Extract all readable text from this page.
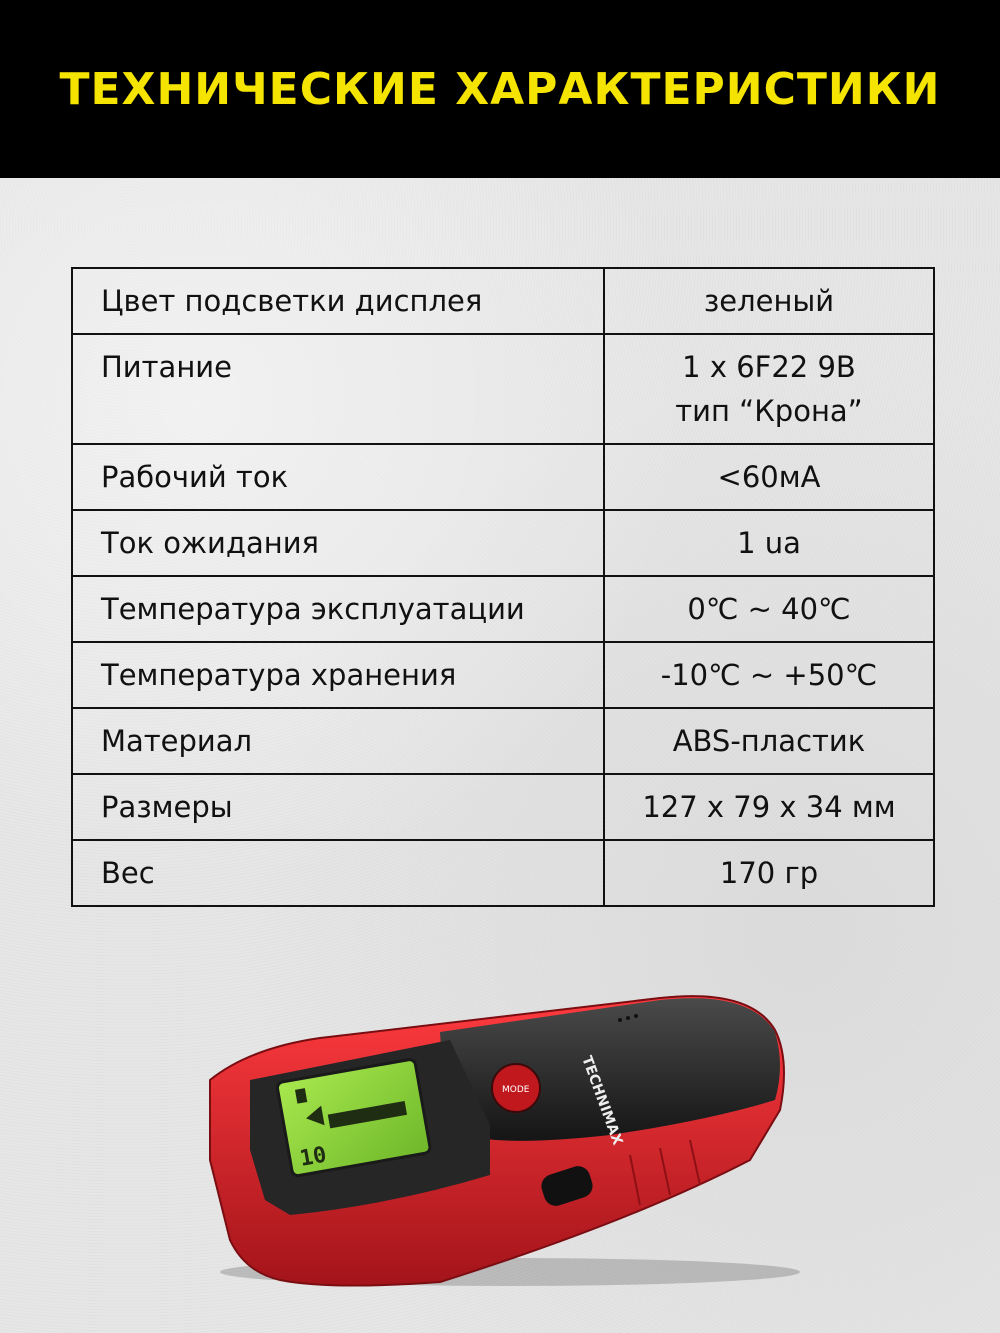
ТЕХНИЧЕСКИЕ ХАРАКТЕРИСТИКИ
Цвет подсветки дисплея	зеленый
Питание	1 x 6F22 9В
тип “Крона”

Рабочий ток	<60мА
Ток ожидания	1 ua
Температура эксплуатации	0℃ ~ 40℃
Температура хранения	-10℃ ~ +50℃
Материал	ABS-пластик
Размеры	127 х 79 х 34 мм
Вес	170 гр
10
MODE	TECHNIMAX
